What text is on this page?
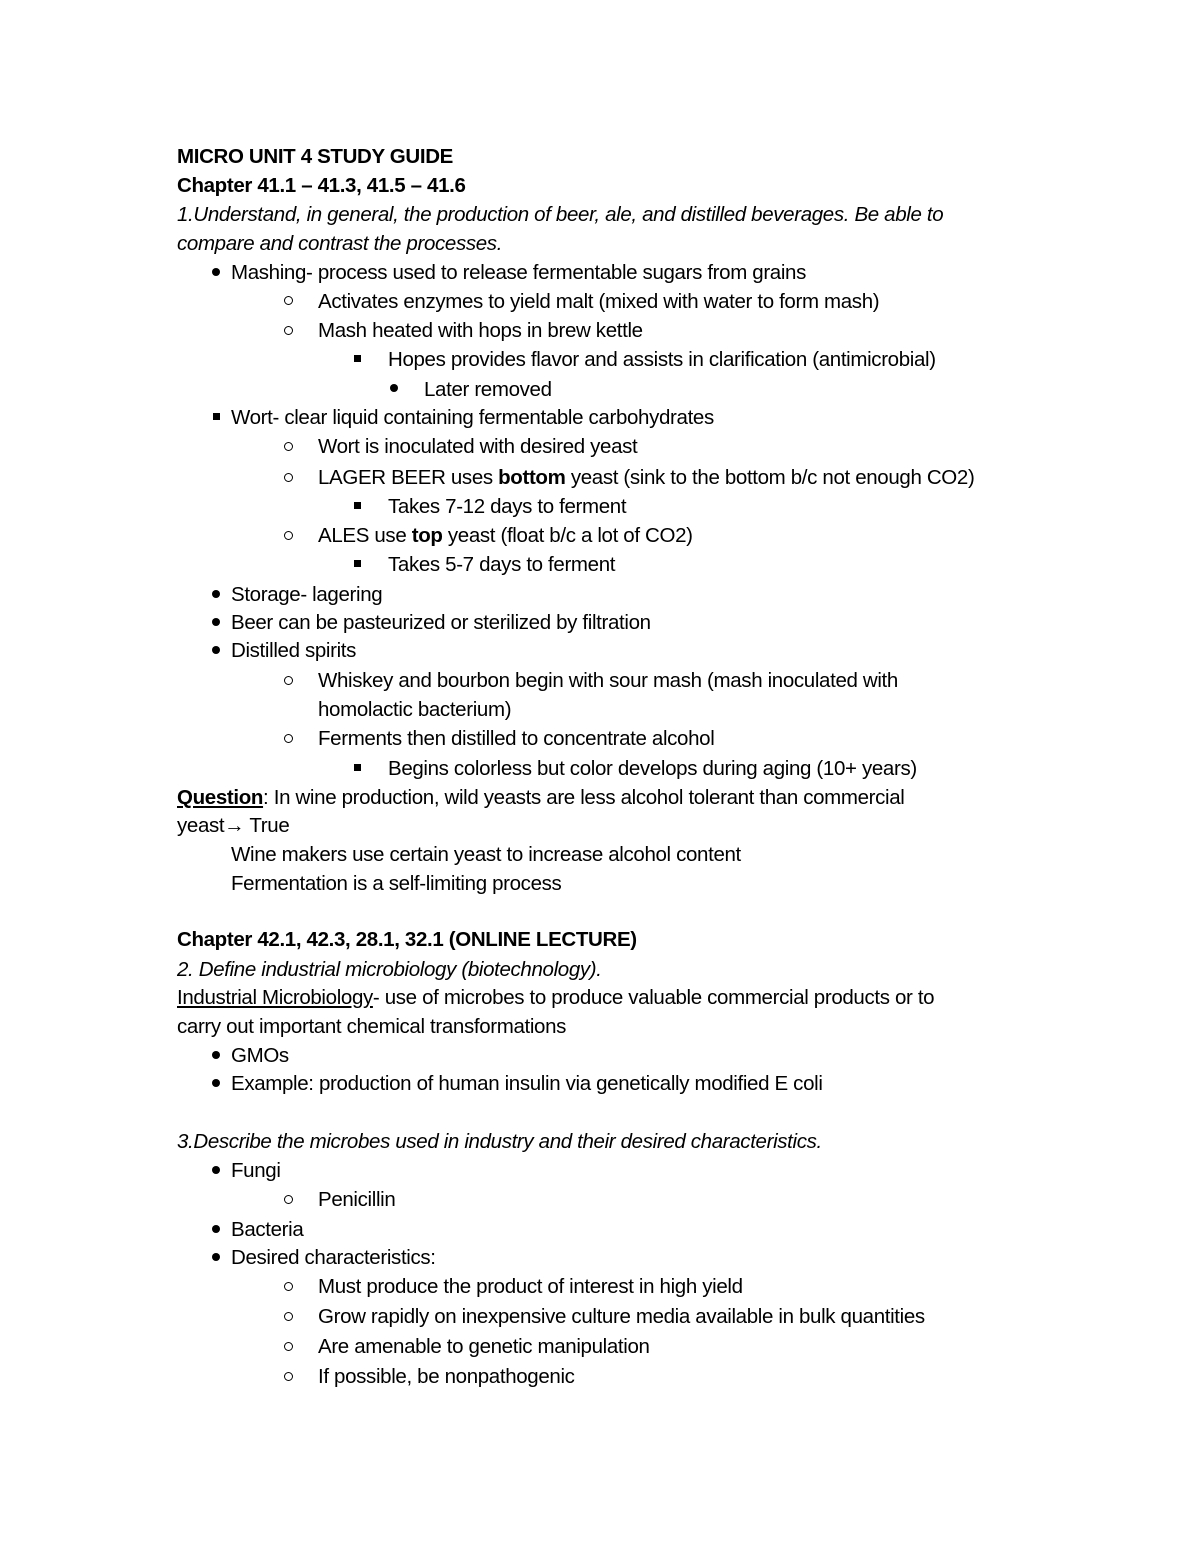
MICRO UNIT 4 STUDY GUIDE
Chapter 41.1 – 41.3, 41.5 – 41.6
1.Understand, in general, the production of beer, ale, and distilled beverages. Be able to
compare and contrast the processes.
Mashing- process used to release fermentable sugars from grains
Activates enzymes to yield malt (mixed with water to form mash)
Mash heated with hops in brew kettle
Hopes provides flavor and assists in clarification (antimicrobial)
Later removed
Wort- clear liquid containing fermentable carbohydrates
Wort is inoculated with desired yeast
LAGER BEER uses bottom yeast (sink to the bottom b/c not enough CO2)
Takes 7-12 days to ferment
ALES use top yeast (float b/c a lot of CO2)
Takes 5-7 days to ferment
Storage- lagering
Beer can be pasteurized or sterilized by filtration
Distilled spirits
Whiskey and bourbon begin with sour mash (mash inoculated with
homolactic bacterium)
Ferments then distilled to concentrate alcohol
Begins colorless but color develops during aging (10+ years)
Question: In wine production, wild yeasts are less alcohol tolerant than commercial
yeast→ True
Wine makers use certain yeast to increase alcohol content
Fermentation is a self-limiting process
Chapter 42.1, 42.3, 28.1, 32.1 (ONLINE LECTURE)
2. Define industrial microbiology (biotechnology).
Industrial Microbiology- use of microbes to produce valuable commercial products or to
carry out important chemical transformations
GMOs
Example: production of human insulin via genetically modified E coli
3.Describe the microbes used in industry and their desired characteristics.
Fungi
Penicillin
Bacteria
Desired characteristics:
Must produce the product of interest in high yield
Grow rapidly on inexpensive culture media available in bulk quantities
Are amenable to genetic manipulation
If possible, be nonpathogenic
